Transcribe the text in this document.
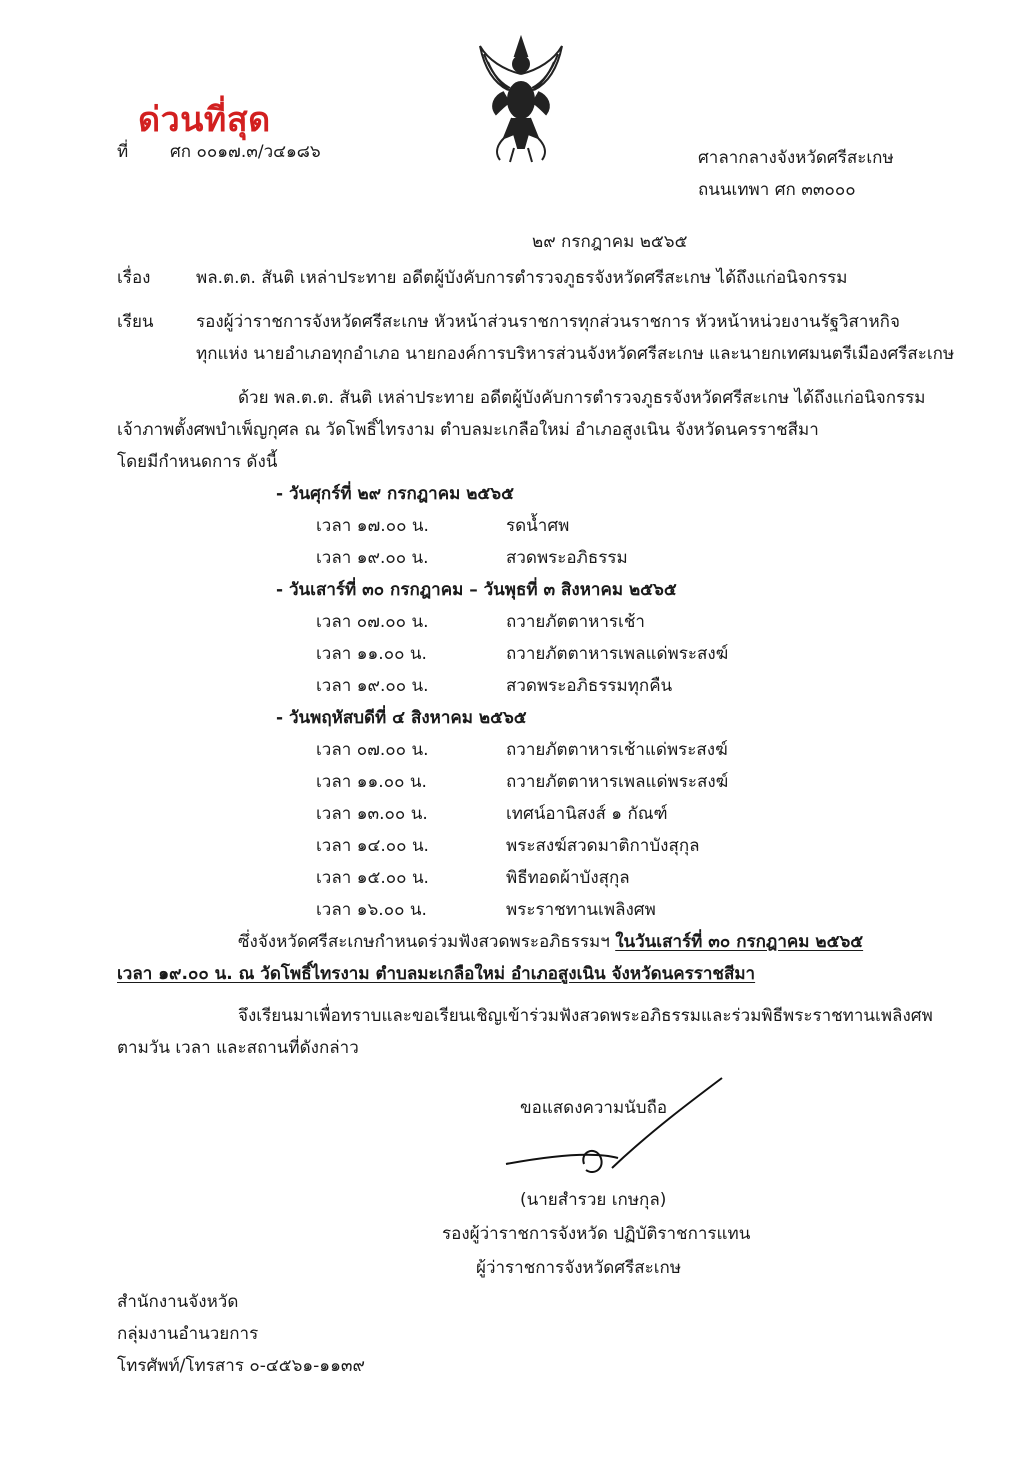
ด่วนที่สุด
ที่ ศก ๐๐๑๗.๓/ว๔๑๘๖	ศาลากลางจังหวัดศรีสะเกษ
ถนนเทพา ศก ๓๓๐๐๐
๒๙ กรกฎาคม ๒๕๖๕
เรื่อง	พล.ต.ต. สันติ เหล่าประทาย อดีตผู้บังคับการตำรวจภูธรจังหวัดศรีสะเกษ ได้ถึงแก่อนิจกรรม
เรียน รองผู้ว่าราชการจังหวัดศรีสะเกษ หัวหน้าส่วนราชการทุกส่วนราชการ หัวหน้าหน่วยงานรัฐวิสาหกิจ
ทุกแห่ง นายอำเภอทุกอำเภอ นายกองค์การบริหารส่วนจังหวัดศรีสะเกษ และนายกเทศมนตรีเมืองศรีสะเกษ
ด้วย พล.ต.ต. สันติ เหล่าประทาย อดีตผู้บังคับการตำรวจภูธรจังหวัดศรีสะเกษ ได้ถึงแก่อนิจกรรม
เจ้าภาพตั้งศพบำเพ็ญกุศล ณ วัดโพธิ์ไทรงาม ตำบลมะเกลือใหม่ อำเภอสูงเนิน จังหวัดนครราชสีมา
โดยมีกำหนดการ ดังนี้
- วันศุกร์ที่ ๒๙ กรกฎาคม ๒๕๖๕
เวลา ๑๗.๐๐ น.	รดน้ำศพ
เวลา ๑๙.๐๐ น.	สวดพระอภิธรรม
- วันเสาร์ที่ ๓๐ กรกฎาคม – วันพุธที่ ๓ สิงหาคม ๒๕๖๕
เวลา ๐๗.๐๐ น.	ถวายภัตตาหารเช้า
เวลา ๑๑.๐๐ น.	ถวายภัตตาหารเพลแด่พระสงฆ์
เวลา ๑๙.๐๐ น.	สวดพระอภิธรรมทุกคืน
- วันพฤหัสบดีที่ ๔ สิงหาคม ๒๕๖๕
เวลา ๐๗.๐๐ น.	ถวายภัตตาหารเช้าแด่พระสงฆ์
เวลา ๑๑.๐๐ น.	ถวายภัตตาหารเพลแด่พระสงฆ์
เวลา ๑๓.๐๐ น.	เทศน์อานิสงส์ ๑ กัณฑ์
เวลา ๑๔.๐๐ น.	พระสงฆ์สวดมาติกาบังสุกุล
เวลา ๑๕.๐๐ น.	พิธีทอดผ้าบังสุกุล
เวลา ๑๖.๐๐ น.	พระราชทานเพลิงศพ
ซึ่งจังหวัดศรีสะเกษกำหนดร่วมฟังสวดพระอภิธรรมฯ ในวันเสาร์ที่ ๓๐ กรกฎาคม ๒๕๖๕
เวลา ๑๙.๐๐ น. ณ วัดโพธิ์ไทรงาม ตำบลมะเกลือใหม่ อำเภอสูงเนิน จังหวัดนครราชสีมา
จึงเรียนมาเพื่อทราบและขอเรียนเชิญเข้าร่วมฟังสวดพระอภิธรรมและร่วมพิธีพระราชทานเพลิงศพ
ตามวัน เวลา และสถานที่ดังกล่าว
ขอแสดงความนับถือ
(นายสำรวย เกษกุล)
รองผู้ว่าราชการจังหวัด ปฏิบัติราชการแทน
ผู้ว่าราชการจังหวัดศรีสะเกษ
สำนักงานจังหวัด
กลุ่มงานอำนวยการ
โทรศัพท์/โทรสาร ๐-๔๕๖๑-๑๑๓๙
